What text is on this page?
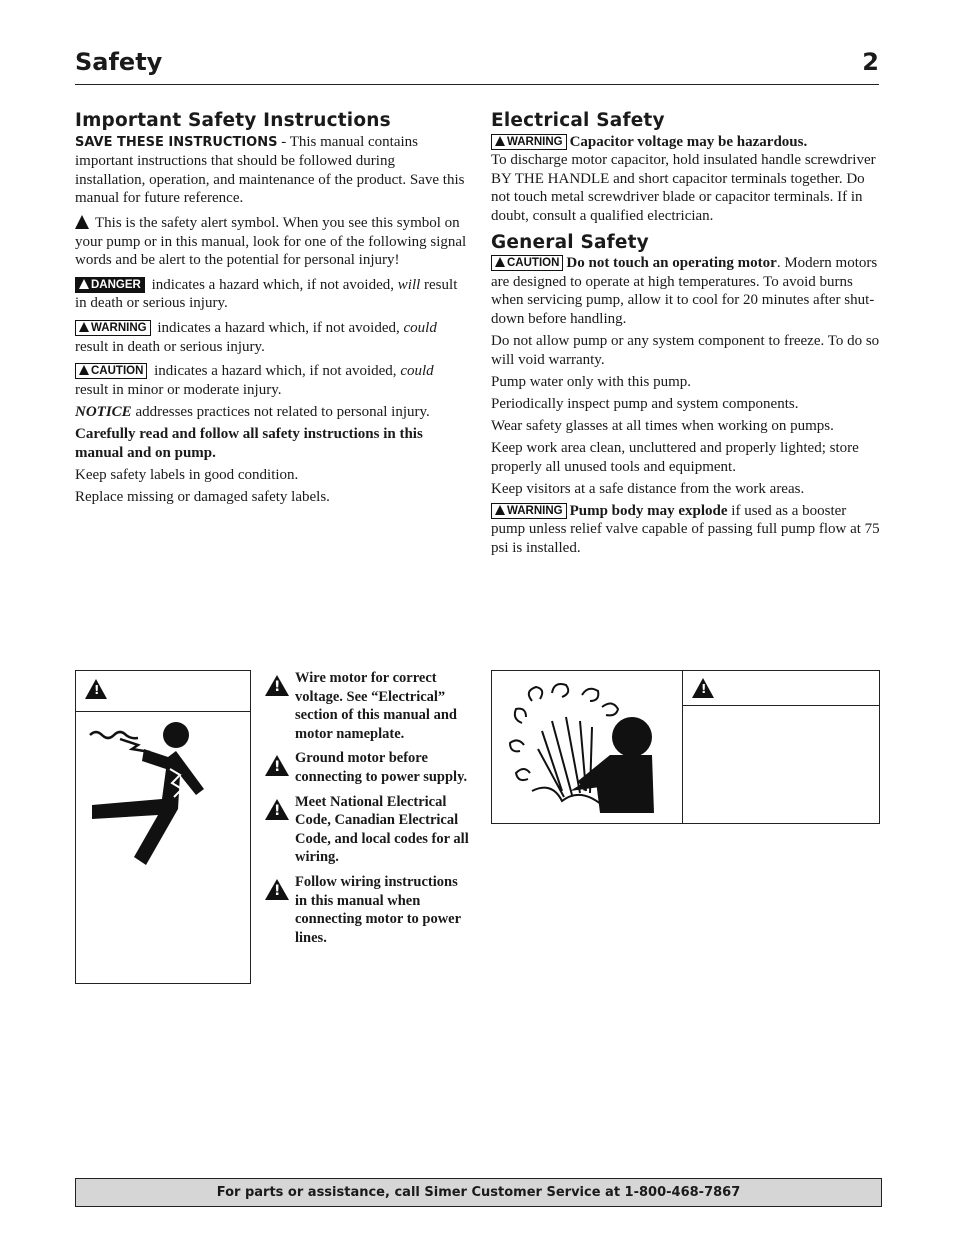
Safety	2
Important Safety Instructions

SAVE THESE INSTRUCTIONS - This manual contains important instructions that should be followed during installation, operation, and maintenance of the product. Save this manual for future reference.

This is the safety alert symbol. When you see this symbol on your pump or in this manual, look for one of the following signal words and be alert to the potential for personal injury!

DANGER indicates a hazard which, if not avoided, will result in death or serious injury.

WARNING indicates a hazard which, if not avoided, could result in death or serious injury.

CAUTION indicates a hazard which, if not avoided, could result in minor or moderate injury.

NOTICE addresses practices not related to personal injury.

Carefully read and follow all safety instructions in this manual and on pump.

Keep safety labels in good condition.

Replace missing or damaged safety labels.

Electrical Safety

WARNING Capacitor voltage may be hazardous.
To discharge motor capacitor, hold insulated handle screwdriver BY THE HANDLE and short capacitor terminals together. Do not touch metal screwdriver blade or capacitor terminals. If in doubt, consult a qualified electrician.

General Safety

CAUTION Do not touch an operating motor. Modern motors are designed to operate at high temperatures. To avoid burns when servicing pump, allow it to cool for 20 minutes after shut-down before handling.

Do not allow pump or any system component to freeze. To do so will void warranty.

Pump water only with this pump.

Periodically inspect pump and system components.

Wear safety glasses at all times when working on pumps.

Keep work area clean, uncluttered and properly lighted; store properly all unused tools and equipment.

Keep visitors at a safe distance from the work areas.

WARNING Pump body may explode if used as a booster pump unless relief valve capable of passing full pump flow at 75 psi is installed.

!
!
Wire motor for correct voltage. See “Electrical” section of this manual and motor nameplate.
!
Ground motor before connecting to power supply.
!
Meet National Electrical Code, Canadian Electrical Code, and local codes for all wiring.
!
Follow wiring instructions in this manual when connecting motor to power lines.
!
For parts or assistance, call Simer Customer Service at 1-800-468-7867
